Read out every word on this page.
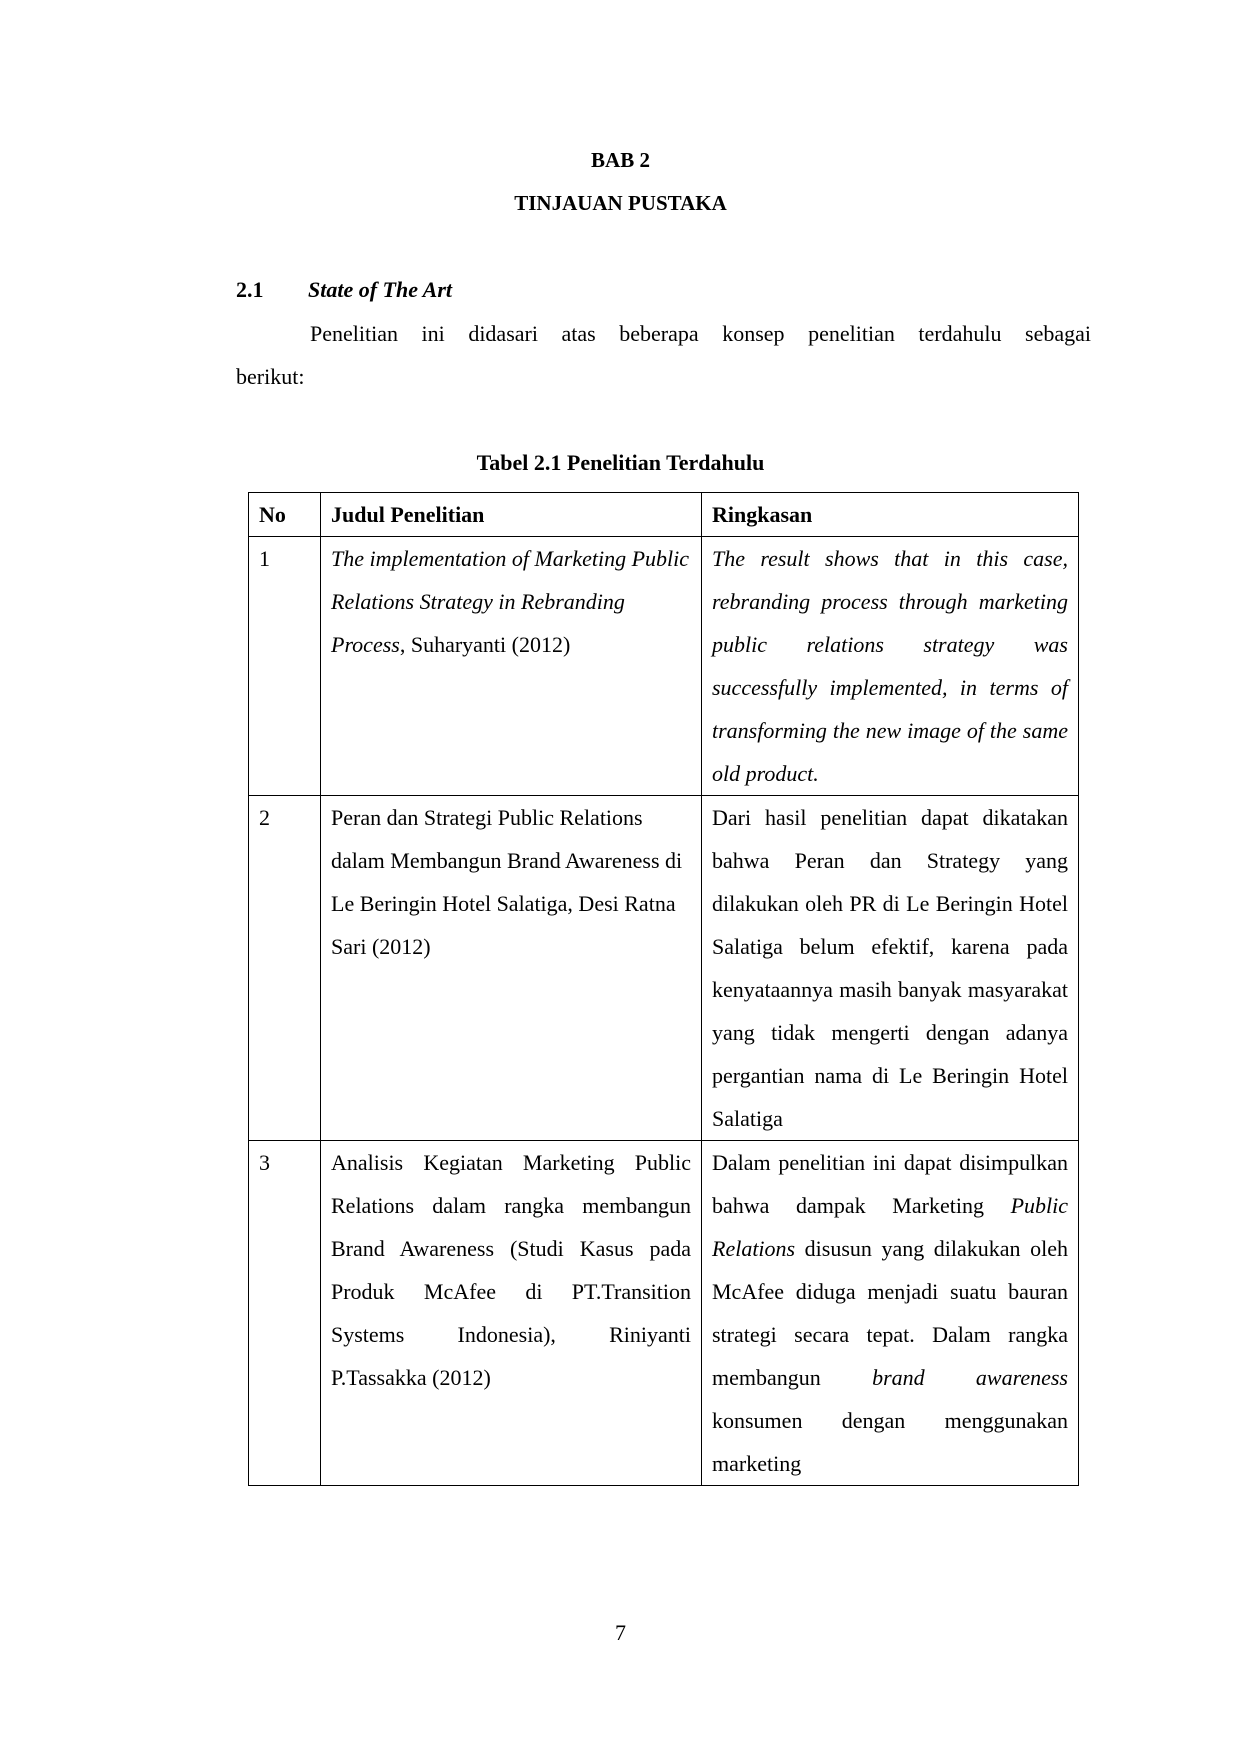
BAB 2
TINJAUAN PUSTAKA
2.1 State of The Art
Penelitian ini didasari atas beberapa konsep penelitian terdahulu sebagai
berikut:
Tabel 2.1 Penelitian Terdahulu
No	Judul Penelitian	Ringkasan
1	The implementation of Marketing Public Relations Strategy in Rebranding Process, Suharyanti (2012)	The result shows that in this case, rebranding process through marketing public relations strategy was successfully implemented, in terms of transforming the new image of the same old product.
2	Peran dan Strategi Public Relations dalam Membangun Brand Awareness di Le Beringin Hotel Salatiga, Desi Ratna Sari (2012)	Dari hasil penelitian dapat dikatakan bahwa Peran dan Strategy yang dilakukan oleh PR di Le Beringin Hotel Salatiga belum efektif, karena pada kenyataannya masih banyak masyarakat yang tidak mengerti dengan adanya pergantian nama di Le Beringin Hotel Salatiga
3	Analisis Kegiatan Marketing Public Relations dalam rangka membangun Brand Awareness (Studi Kasus pada Produk McAfee di PT.Transition Systems Indonesia), Riniyanti P.Tassakka (2012)	Dalam penelitian ini dapat disimpulkan bahwa dampak Marketing Public Relations disusun yang dilakukan oleh McAfee diduga menjadi suatu bauran strategi secara tepat. Dalam rangka membangun brand awareness konsumen dengan menggunakan marketing
7
